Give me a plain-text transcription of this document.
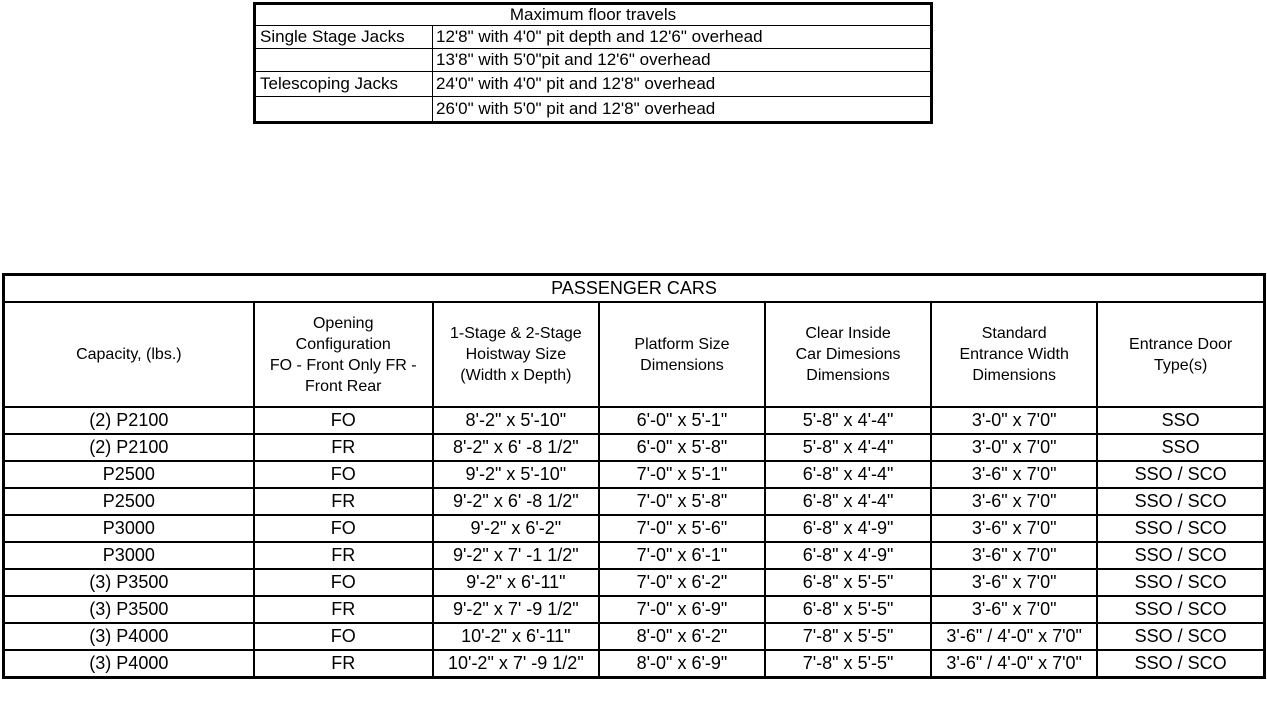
Maximum floor travels	
Single Stage Jacks	12'8" with 4'0" pit depth and 12'6" overhead
	13'8" with 5'0"pit and 12'6" overhead
Telescoping Jacks	24'0" with 4'0" pit and 12'8" overhead
	26'0" with 5'0" pit and 12'8" overhead
PASSENGER CARS						

Capacity, (lbs.)	Opening
Configuration
FO - Front Only FR -
Front Rear	1-Stage & 2-Stage
Hoistway Size
(Width x Depth)	Platform Size
Dimensions	Clear Inside
Car Dimesions
Dimensions	Standard
Entrance Width
Dimensions	Entrance Door
Type(s)

(2) P2100	FO	8'-2" x 5'-10"	6'-0" x 5'-1"	5'-8" x 4'-4"	3'-0" x 7'0"	SSO
(2) P2100	FR	8'-2" x 6' -8 1/2"	6'-0" x 5'-8"	5'-8" x 4'-4"	3'-0" x 7'0"	SSO
P2500	FO	9'-2" x 5'-10"	7'-0" x 5'-1"	6'-8" x 4'-4"	3'-6" x 7'0"	SSO / SCO
P2500	FR	9'-2" x 6' -8 1/2"	7'-0" x 5'-8"	6'-8" x 4'-4"	3'-6" x 7'0"	SSO / SCO
P3000	FO	9'-2" x 6'-2"	7'-0" x 5'-6"	6'-8" x 4'-9"	3'-6" x 7'0"	SSO / SCO
P3000	FR	9'-2" x 7' -1 1/2"	7'-0" x 6'-1"	6'-8" x 4'-9"	3'-6" x 7'0"	SSO / SCO
(3) P3500	FO	9'-2" x 6'-11"	7'-0" x 6'-2"	6'-8" x 5'-5"	3'-6" x 7'0"	SSO / SCO
(3) P3500	FR	9'-2" x 7' -9 1/2"	7'-0" x 6'-9"	6'-8" x 5'-5"	3'-6" x 7'0"	SSO / SCO
(3) P4000	FO	10'-2" x 6'-11"	8'-0" x 6'-2"	7'-8" x 5'-5"	3'-6" / 4'-0" x 7'0"	SSO / SCO
(3) P4000	FR	10'-2" x 7' -9 1/2"	8'-0" x 6'-9"	7'-8" x 5'-5"	3'-6" / 4'-0" x 7'0"	SSO / SCO
